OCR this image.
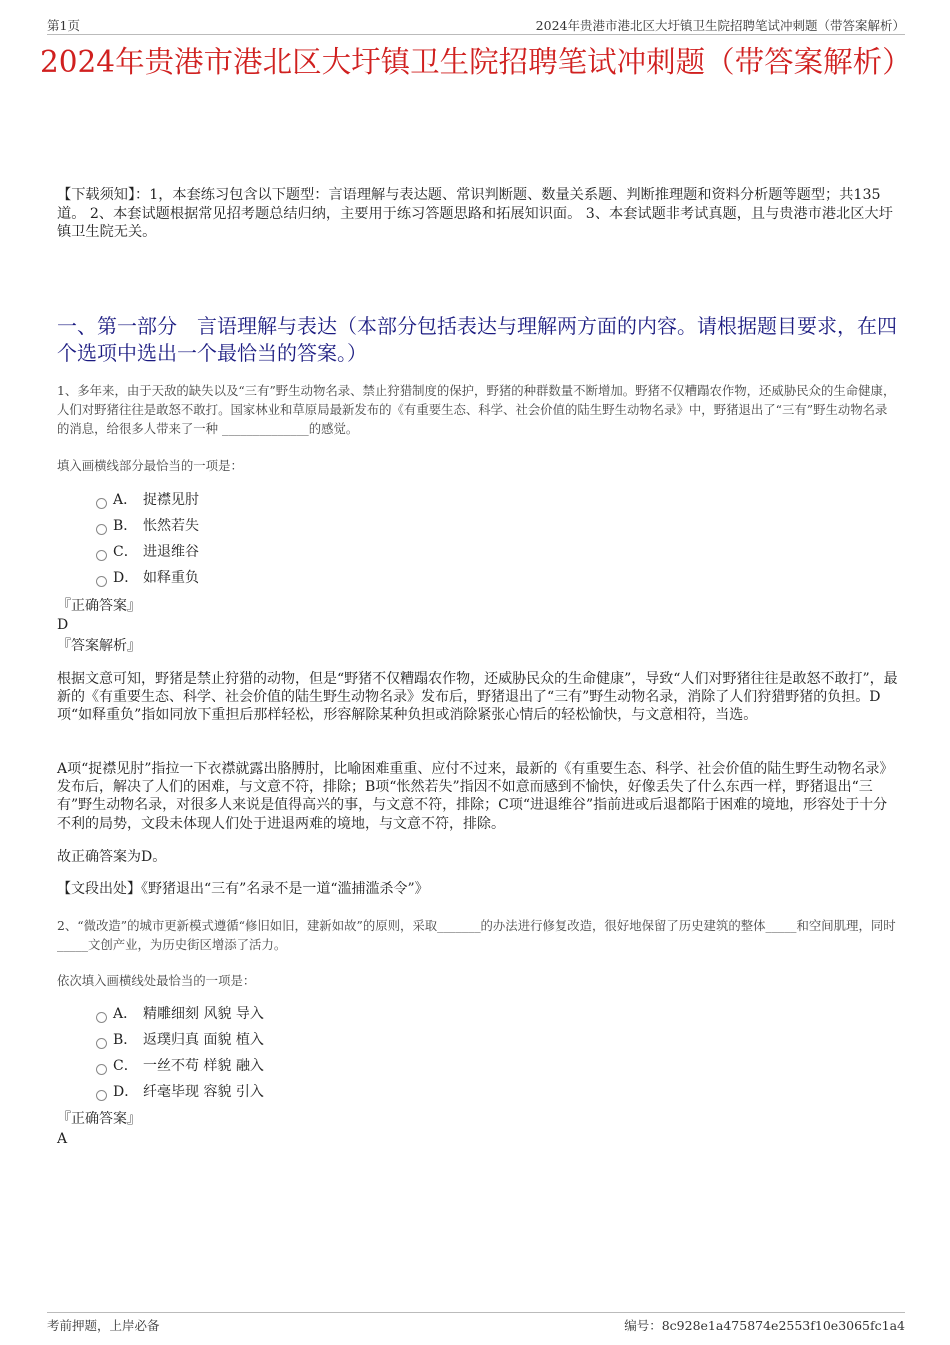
第1页	2024年贵港市港北区大圩镇卫生院招聘笔试冲刺题（带答案解析）
2024年贵港市港北区大圩镇卫生院招聘笔试冲刺题（带答案解析）
【下载须知】：1，本套练习包含以下题型：言语理解与表达题、常识判断题、数量关系题、判断推理题和资料分析题等题型；共135道。 2、本套试题根据常见招考题总结归纳，主要用于练习答题思路和拓展知识面。 3、本套试题非考试真题，且与贵港市港北区大圩镇卫生院无关。
一、第一部分　言语理解与表达（本部分包括表达与理解两方面的内容。请根据题目要求，在四个选项中选出一个最恰当的答案。）
1、多年来，由于天敌的缺失以及“三有”野生动物名录、禁止狩猎制度的保护，野猪的种群数量不断增加。野猪不仅糟蹋农作物，还威胁民众的生命健康，人们对野猪往往是敢怒不敢打。国家林业和草原局最新发布的《有重要生态、科学、社会价值的陆生野生动物名录》中，野猪退出了“三有”野生动物名录的消息，给很多人带来了一种 ______________的感觉。
填入画横线部分最恰当的一项是：
A． 捉襟见肘
B． 怅然若失
C． 进退维谷
D． 如释重负
『正确答案』
D
『答案解析』
根据文意可知，野猪是禁止狩猎的动物，但是“野猪不仅糟蹋农作物，还威胁民众的生命健康”，导致“人们对野猪往往是敢怒不敢打”，最新的《有重要生态、科学、社会价值的陆生野生动物名录》发布后，野猪退出了“三有”野生动物名录，消除了人们狩猎野猪的负担。D项“如释重负”指如同放下重担后那样轻松，形容解除某种负担或消除紧张心情后的轻松愉快，与文意相符，当选。
A项“捉襟见肘”指拉一下衣襟就露出胳膊肘，比喻困难重重、应付不过来，最新的《有重要生态、科学、社会价值的陆生野生动物名录》发布后，解决了人们的困难，与文意不符，排除；B项“怅然若失”指因不如意而感到不愉快，好像丢失了什么东西一样，野猪退出“三有”野生动物名录，对很多人来说是值得高兴的事，与文意不符，排除；C项“进退维谷”指前进或后退都陷于困难的境地，形容处于十分不利的局势，文段未体现人们处于进退两难的境地，与文意不符，排除。
故正确答案为D。
【文段出处】《野猪退出“三有”名录不是一道“滥捕滥杀令”》
2、“微改造”的城市更新模式遵循“修旧如旧，建新如故”的原则，采取_______的办法进行修复改造，很好地保留了历史建筑的整体_____和空间肌理，同时_____文创产业，为历史街区增添了活力。
依次填入画横线处最恰当的一项是：
A． 精雕细刻 风貌 导入
B． 返璞归真 面貌 植入
C． 一丝不苟 样貌 融入
D． 纤毫毕现 容貌 引入
『正确答案』
A
考前押题，上岸必备	编号：8c928e1a475874e2553f10e3065fc1a4
